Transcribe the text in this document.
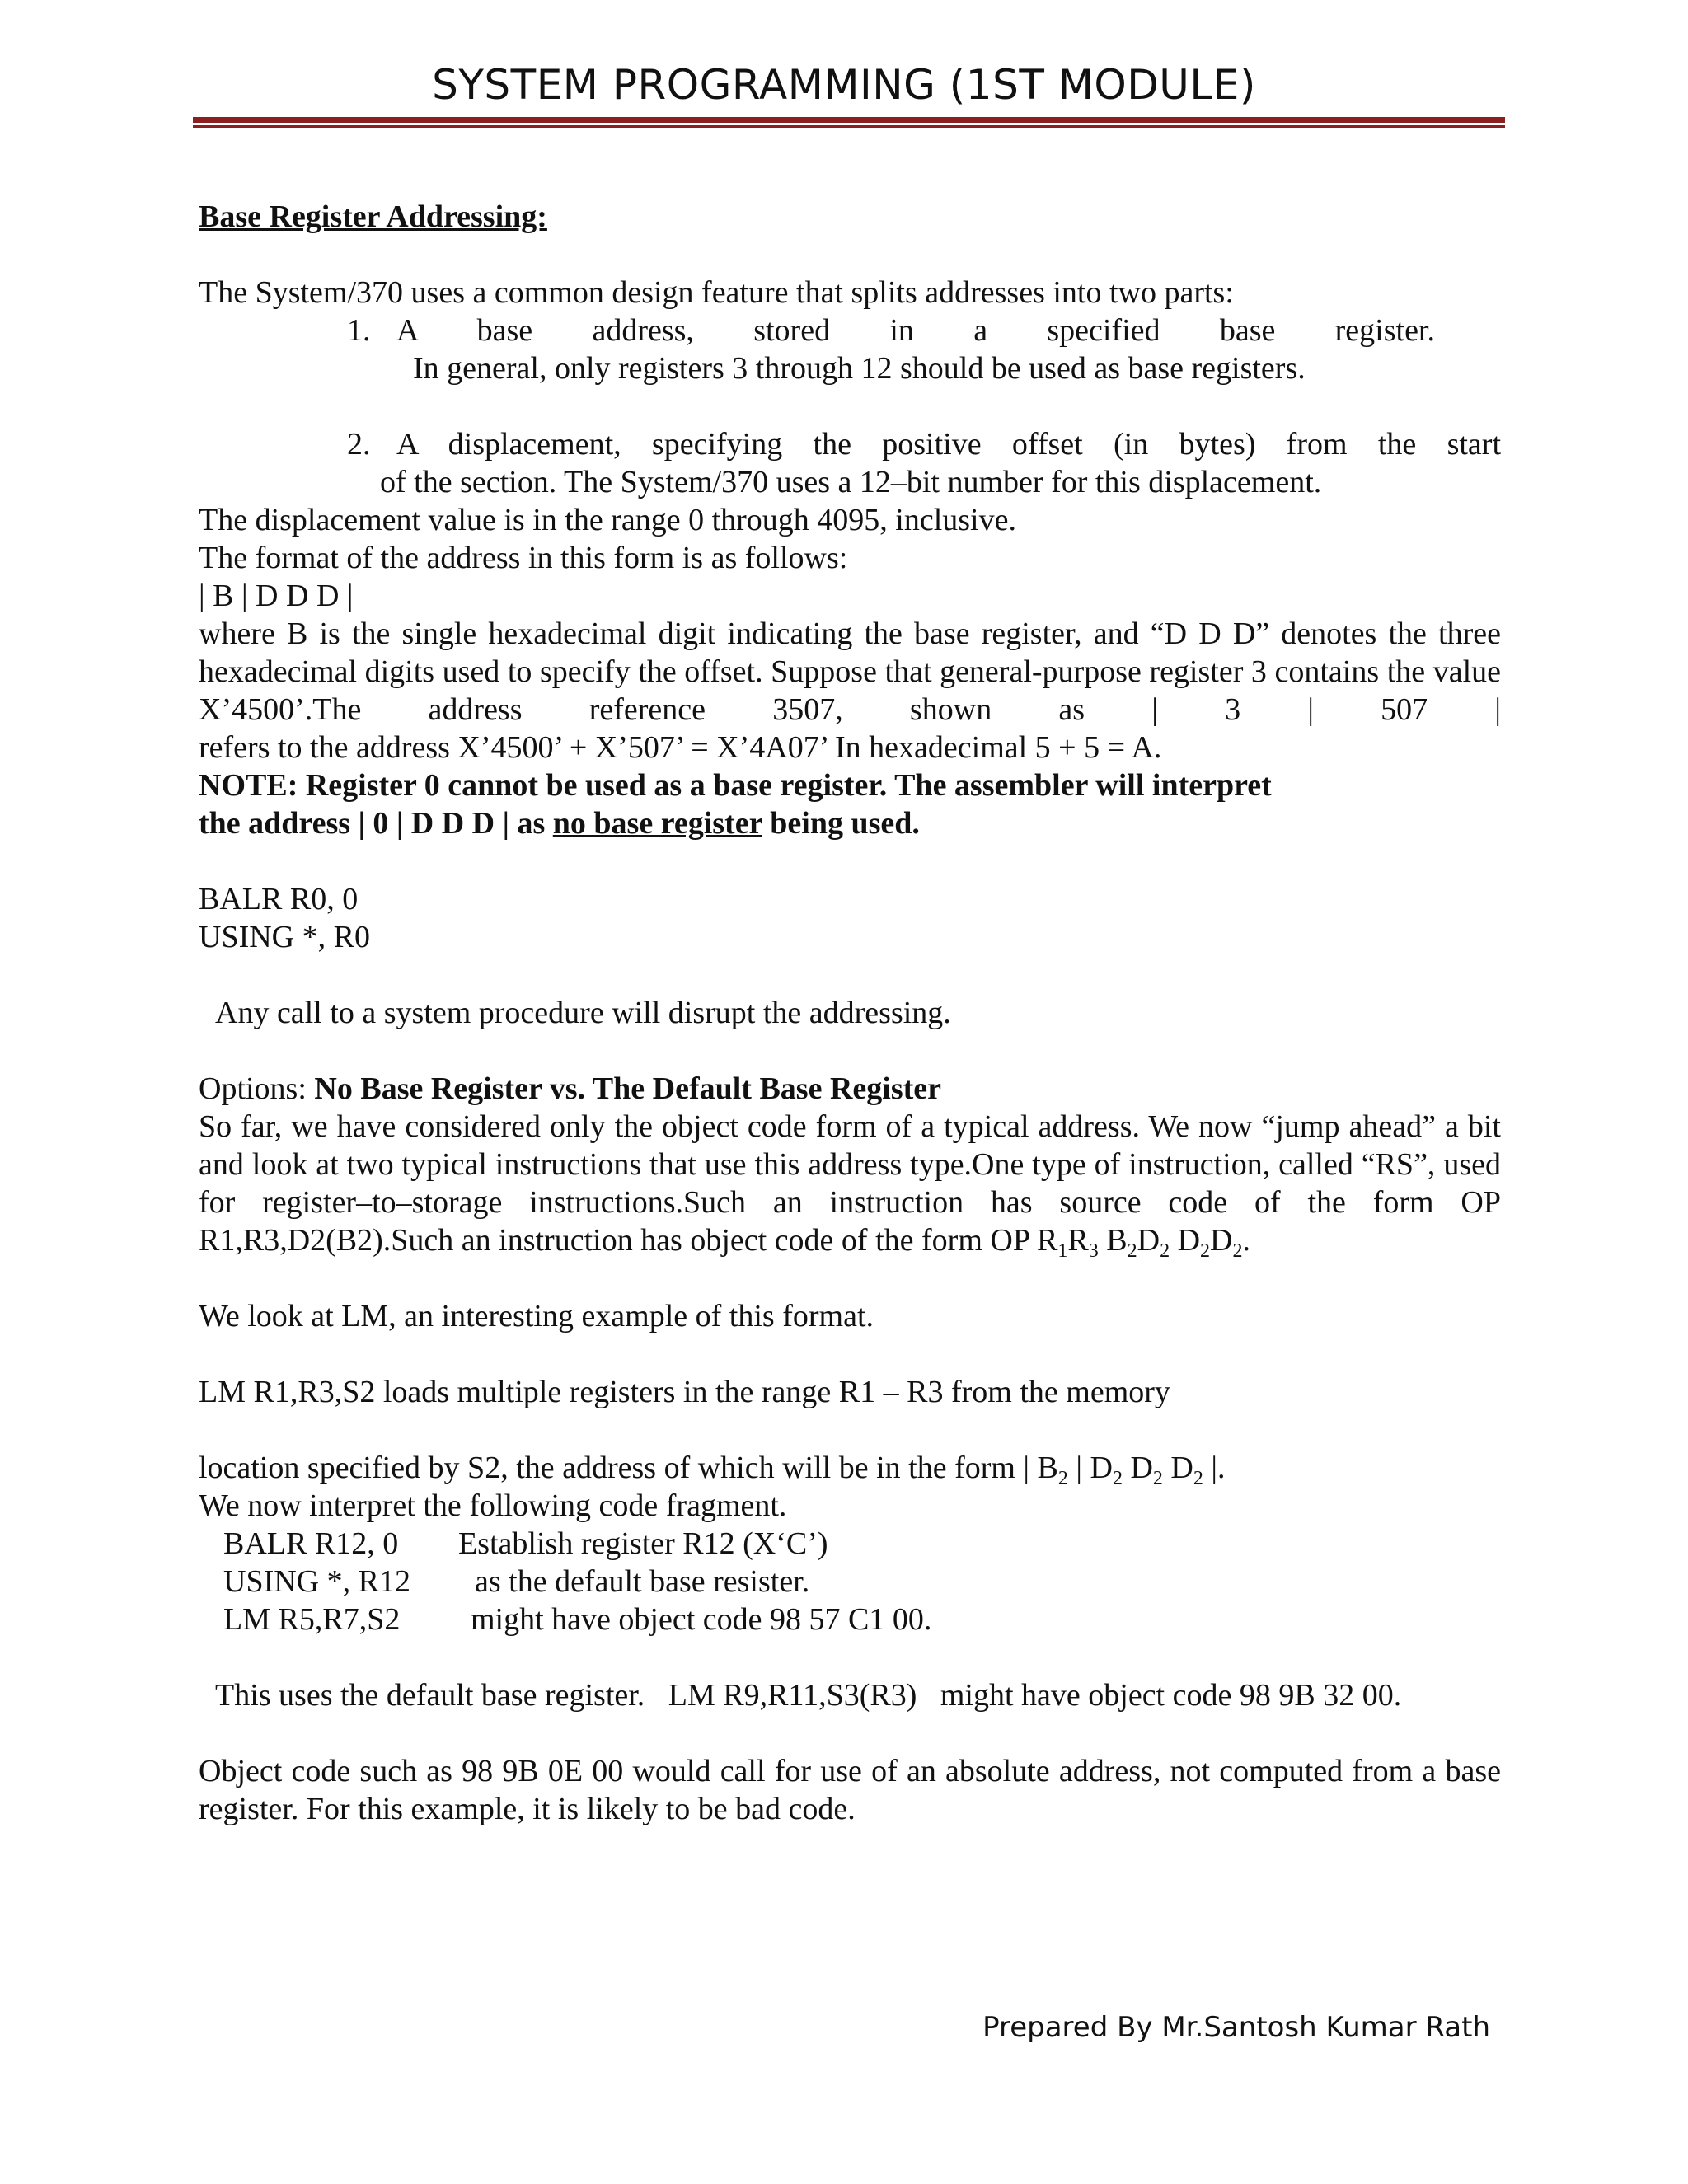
SYSTEM PROGRAMMING (1ST MODULE)

Base Register Addressing:

The System/370 uses a common design feature that splits addresses into two parts:

1. A base address, stored in a specified base register.

In general, only registers 3 through 12 should be used as base registers.

2. A displacement, specifying the positive offset (in bytes) from the start

of the section. The System/370 uses a 12–bit number for this displacement.

The displacement value is in the range 0 through 4095, inclusive.

The format of the address in this form is as follows:

| B | D D D |

where B is the single hexadecimal digit indicating the base register, and “D D D” denotes the three hexadecimal digits used to specify the offset. Suppose that general-purpose register 3 contains the value X’4500’.The address reference 3507, shown as | 3 | 507 |

refers to the address X’4500’ + X’507’ = X’4A07’ In hexadecimal 5 + 5 = A.

NOTE: Register 0 cannot be used as a base register. The assembler will interpret

the address | 0 | D D D | as no base register being used.

BALR R0, 0

USING *, R0

Any call to a system procedure will disrupt the addressing.

Options: No Base Register vs. The Default Base Register

So far, we have considered only the object code form of a typical address. We now “jump ahead” a bit and look at two typical instructions that use this address type.One type of instruction, called “RS”, used for register–to–storage instructions.Such an instruction has source code of the form OP R1,R3,D2(B2).Such an instruction has object code of the form OP $R_1R_3$ $B_2D_2$ $D_2D_2$.

We look at LM, an interesting example of this format.

LM R1,R3,S2 loads multiple registers in the range R1 – R3 from the memory

location specified by S2, the address of which will be in the form | $B_2$ | $D_2$ $D_2$ $D_2$ |.

We now interpret the following code fragment.

BALR R12, 0	Establish register R12 (X‘C’)
USING *, R12	as the default base resister.
LM R5,R7,S2	might have object code 98 57 C1 00.

This uses the default base register.   LM R9,R11,S3(R3)   might have object code 98 9B 32 00.

Object code such as 98 9B 0E 00 would call for use of an absolute address, not computed from a base register. For this example, it is likely to be bad code.

Prepared By Mr.Santosh Kumar Rath
